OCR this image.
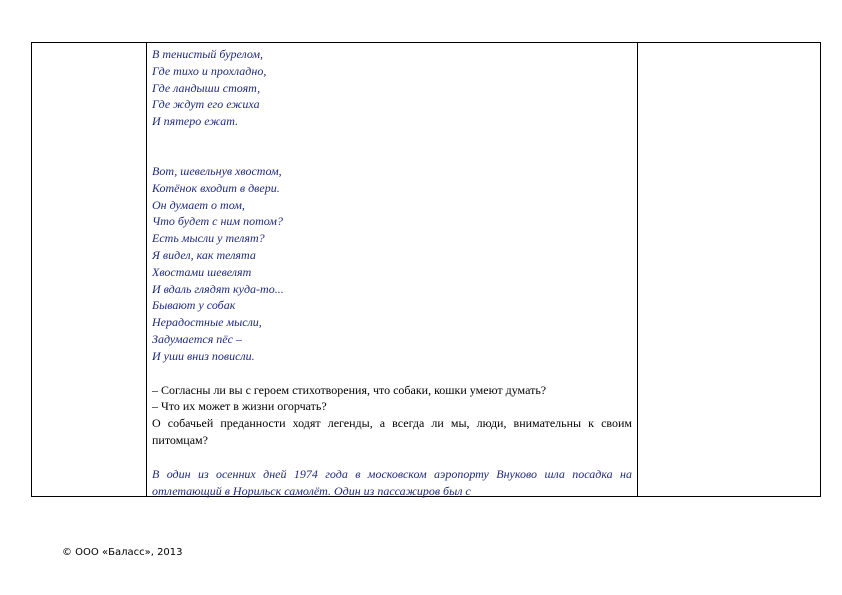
В тенистый бурелом,
Где тихо и прохладно,
Где ландыши стоят,
Где ждут его ежиха
И пятеро ежат.
Вот, шевельнув хвостом,
Котёнок входит в двери.
Он думает о том,
Что будет с ним потом?
Есть мысли у телят?
Я видел, как телята
Хвостами шевелят
И вдаль глядят куда-то...
Бывают у собак
Нерадостные мысли,
Задумается пёс –
И уши вниз повисли.
– Согласны ли вы с героем стихотворения, что собаки, кошки умеют думать?
– Что их может в жизни огорчать?
О собачьей преданности ходят легенды, а всегда ли мы, люди, внимательны к своим питомцам?
В один из осенних дней 1974 года в московском аэропорту Внуково шла посадка на отлетающий в Норильск самолёт. Один из пассажиров был с
© ООО «Баласс», 2013
